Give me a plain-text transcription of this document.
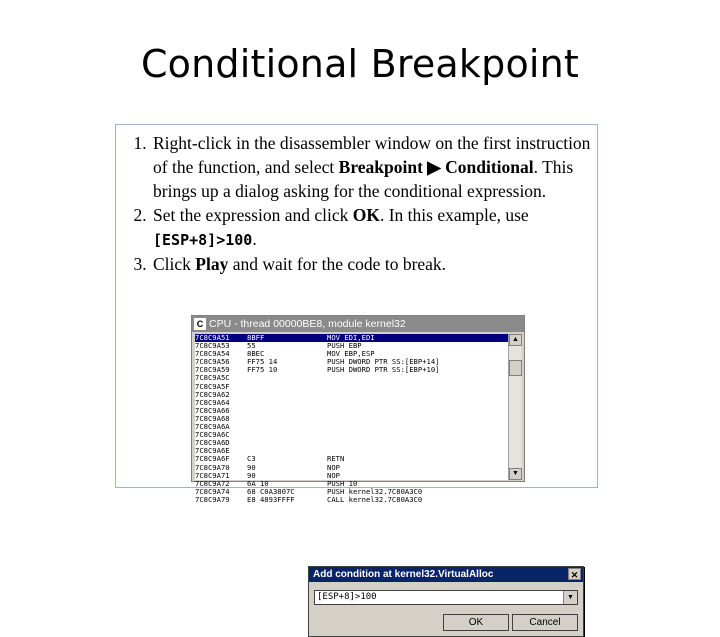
Conditional Breakpoint
1. Right-click in the disassembler window on the first instruction of the function, and select Breakpoint ▶ Conditional. This brings up a dialog asking for the conditional expression.
2. Set the expression and click OK. In this example, use [ESP+8]>100.
3. Click Play and wait for the code to break.
C CPU - thread 00000BE8, module kernel32
7C8C9A51 8BFF	MOV EDI,EDI
7C8C9A53 55	PUSH EBP
7C8C9A54 8BEC	MOV EBP,ESP
7C8C9A56 FF75 14	PUSH DWORD PTR SS:[EBP+14]
7C8C9A59 FF75 10	PUSH DWORD PTR SS:[EBP+10]
7C8C9A5C
7C8C9A5F
7C8C9A62
7C8C9A64
7C8C9A66
7C8C9A68
7C8C9A6A
7C8C9A6C
7C8C9A6D
7C8C9A6E
7C8C9A6F C3	RETN
7C8C9A70 90	NOP
7C8C9A71 90	NOP
7C8C9A72 6A 10	PUSH 10
7C8C9A74 68 C0A3807C	PUSH kernel32.7C80A3C0
7C8C9A79 E8 4893FFFF	CALL kernel32.7C80A3C0
▲
▼
Add condition at kernel32.VirtualAlloc	✕
[ESP+8]>100
▼
OK	Cancel
